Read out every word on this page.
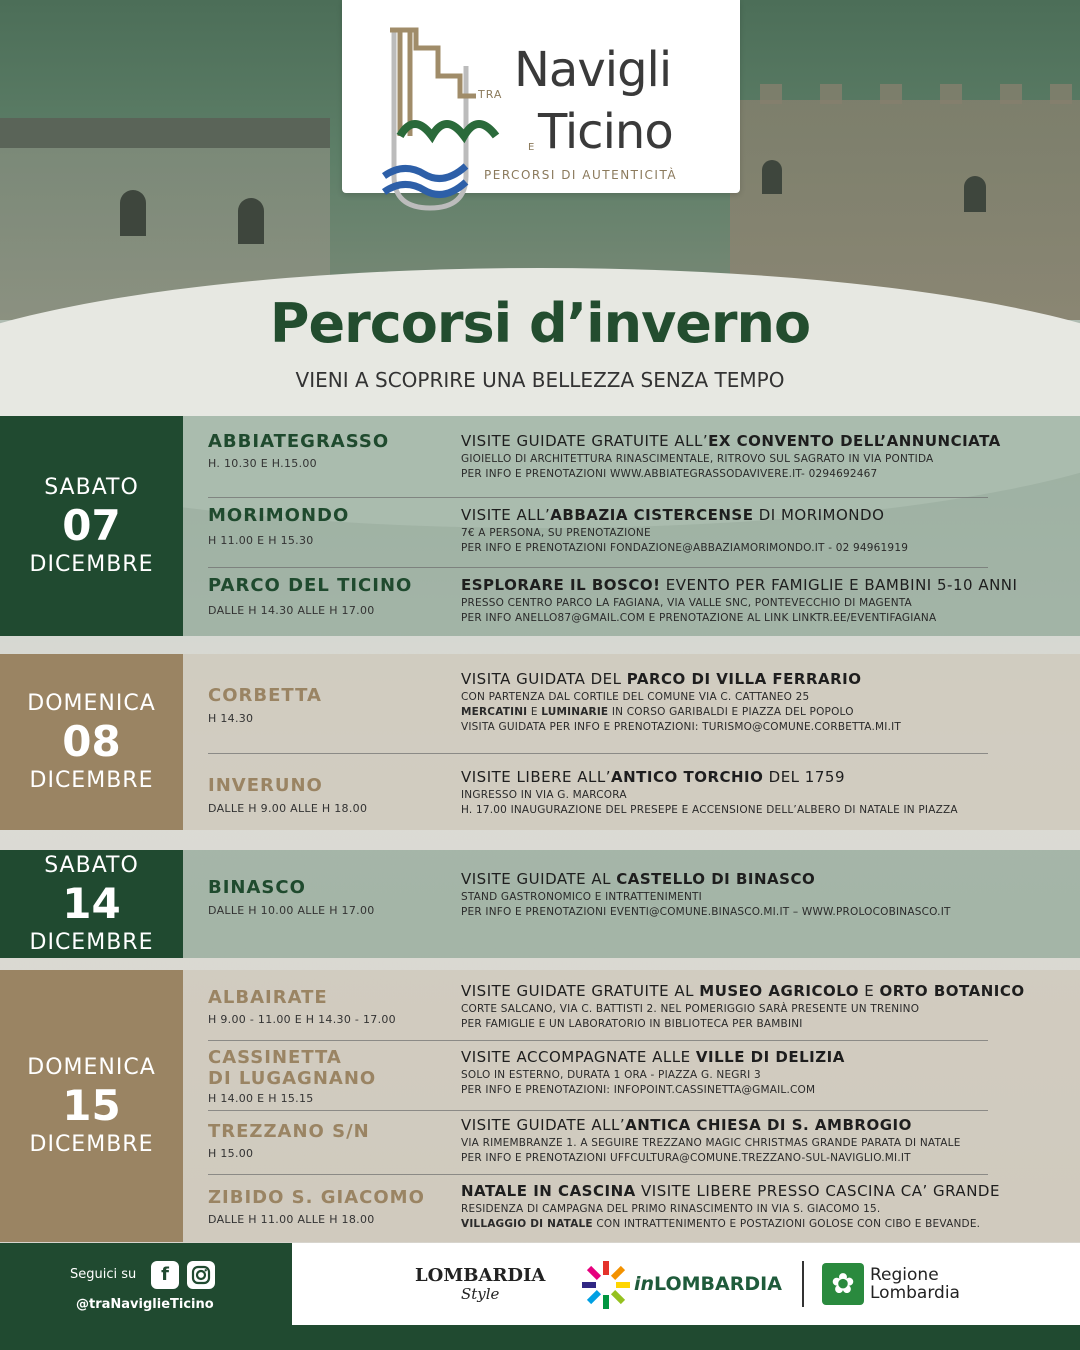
TRA Navigli
E Ticino
PERCORSI DI AUTENTICITÀ
Percorsi d’inverno
VIENI A SCOPRIRE UNA BELLEZZA SENZA TEMPO
SABATO
07
DICEMBRE
ABBIATEGRASSO
H. 10.30 E H.15.00
VISITE GUIDATE GRATUITE ALL’EX CONVENTO DELL’ANNUNCIATA
GIOIELLO DI ARCHITETTURA RINASCIMENTALE, RITROVO SUL SAGRATO IN VIA PONTIDA
PER INFO E PRENOTAZIONI WWW.ABBIATEGRASSODAVIVERE.IT- 0294692467
MORIMONDO
H 11.00 E H 15.30
VISITE ALL’ABBAZIA CISTERCENSE DI MORIMONDO
7€ A PERSONA, SU PRENOTAZIONE
PER INFO E PRENOTAZIONI FONDAZIONE@ABBAZIAMORIMONDO.IT - 02 94961919
PARCO DEL TICINO
DALLE H 14.30 ALLE H 17.00
ESPLORARE IL BOSCO! EVENTO PER FAMIGLIE E BAMBINI 5-10 ANNI
PRESSO CENTRO PARCO LA FAGIANA, VIA VALLE SNC, PONTEVECCHIO DI MAGENTA
PER INFO ANELLO87@GMAIL.COM E PRENOTAZIONE AL LINK LINKTR.EE/EVENTIFAGIANA
DOMENICA
08
DICEMBRE
CORBETTA
H 14.30
VISITA GUIDATA DEL PARCO DI VILLA FERRARIO
CON PARTENZA DAL CORTILE DEL COMUNE VIA C. CATTANEO 25
MERCATINI E LUMINARIE IN CORSO GARIBALDI E PIAZZA DEL POPOLO
VISITA GUIDATA PER INFO E PRENOTAZIONI: TURISMO@COMUNE.CORBETTA.MI.IT
INVERUNO
DALLE H 9.00 ALLE H 18.00
VISITE LIBERE ALL’ANTICO TORCHIO DEL 1759
INGRESSO IN VIA G. MARCORA
H. 17.00 INAUGURAZIONE DEL PRESEPE E ACCENSIONE DELL’ALBERO DI NATALE IN PIAZZA
SABATO
14
DICEMBRE
BINASCO
DALLE H 10.00 ALLE H 17.00
VISITE GUIDATE AL CASTELLO DI BINASCO
STAND GASTRONOMICO E INTRATTENIMENTI
PER INFO E PRENOTAZIONI EVENTI@COMUNE.BINASCO.MI.IT – WWW.PROLOCOBINASCO.IT
DOMENICA
15
DICEMBRE
ALBAIRATE
H 9.00 - 11.00 E H 14.30 - 17.00
VISITE GUIDATE GRATUITE AL MUSEO AGRICOLO E ORTO BOTANICO
CORTE SALCANO, VIA C. BATTISTI 2. NEL POMERIGGIO SARÀ PRESENTE UN TRENINO
PER FAMIGLIE E UN LABORATORIO IN BIBLIOTECA PER BAMBINI
CASSINETTA
DI LUGAGNANO
H 14.00 E H 15.15
VISITE ACCOMPAGNATE ALLE VILLE DI DELIZIA
SOLO IN ESTERNO, DURATA 1 ORA - PIAZZA G. NEGRI 3
PER INFO E PRENOTAZIONI: INFOPOINT.CASSINETTA@GMAIL.COM
TREZZANO S/N
H 15.00
VISITE GUIDATE ALL’ANTICA CHIESA DI S. AMBROGIO
VIA RIMEMBRANZE 1. A SEGUIRE TREZZANO MAGIC CHRISTMAS GRANDE PARATA DI NATALE
PER INFO E PRENOTAZIONI UFFCULTURA@COMUNE.TREZZANO-SUL-NAVIGLIO.MI.IT
ZIBIDO S. GIACOMO
DALLE H 11.00 ALLE H 18.00
NATALE IN CASCINA VISITE LIBERE PRESSO CASCINA CA’ GRANDE
RESIDENZA DI CAMPAGNA DEL PRIMO RINASCIMENTO IN VIA S. GIACOMO 15.
VILLAGGIO DI NATALE CON INTRATTENIMENTO E POSTAZIONI GOLOSE CON CIBO E BEVANDE.
Seguici su	f
@traNaviglieTicino
LOMBARDIA
Style	inLOMBARDIA	✿ Regione
Lombardia
